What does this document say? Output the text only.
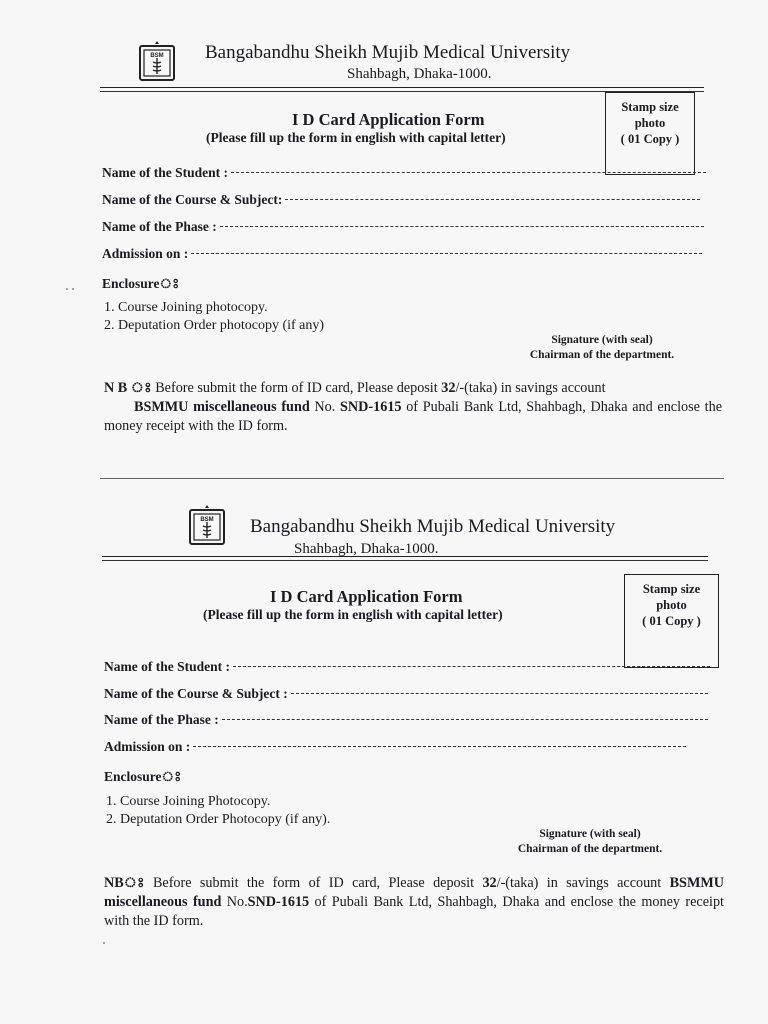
BSM Bangabandhu Sheikh Mujib Medical University
Shahbagh, Dhaka-1000.
I D Card Application Form
(Please fill up the form in english with capital letter)
Stamp size
photo
( 01 Copy )
Name of the Student :
Name of the Course & Subject:
Name of the Phase :
Admission on :
Enclosureঃ
1. Course Joining photocopy.
2. Deputation Order photocopy (if any)
Signature (with seal)
Chairman of the department.
N B ঃ Before submit the form of ID card, Please deposit 32/-(taka) in savings account
BSMMU miscellaneous fund No. SND-1615 of Pubali Bank Ltd, Shahbagh, Dhaka and enclose the money receipt with the ID form.
BSM Bangabandhu Sheikh Mujib Medical University
Shahbagh, Dhaka-1000.
I D Card Application Form
(Please fill up the form in english with capital letter)
Stamp size
photo
( 01 Copy )
Name of the Student :
Name of the Course & Subject :
Name of the Phase :
Admission on :
Enclosureঃ
1. Course Joining Photocopy.
2. Deputation Order Photocopy (if any).
Signature (with seal)
Chairman of the department.
NBঃ Before submit the form of ID card, Please deposit 32/-(taka) in savings account BSMMU miscellaneous fund No.SND-1615 of Pubali Bank Ltd, Shahbagh, Dhaka and enclose the money receipt with the ID form.
